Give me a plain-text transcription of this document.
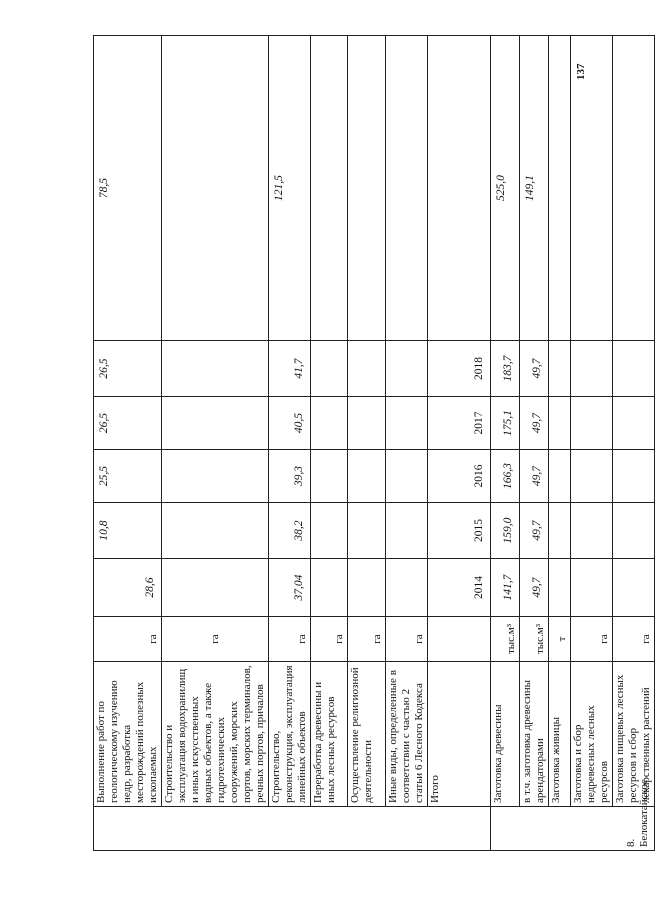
137
	Выполнение работ по геологическому изучению недр, разработка месторождений полезных ископаемых	га	28,6	10,8	25,5	26,5	26,5	78,5
	Строительство и эксплуатация водохранилищ и иных искусственных водных объектов, а также гидротехнических сооружений, морских портов, морских терминалов, речных портов, причалов	га						
	Строительство, реконструкция, эксплуатация линейных объектов	га	37,04	38,2	39,3	40,5	41,7	121,5
	Переработка древесины и иных лесных ресурсов	га						
	Осуществление религиозной деятельности	га						
	Иные виды, определенные в соответствии с частью 2 статьи 6 Лесного Кодекса	га						
	Итого		2014	2015	2016	2017	2018	
8. Белокатайское	Заготовка древесины	тыс.м³	141,7	159,0	166,3	175,1	183,7	525,0
	в т.ч. заготовка древесины арендаторами	тыс.м³	49,7	49,7	49,7	49,7	49,7	149,1
	Заготовка живицы	т						
	Заготовка и сбор недревесных лесных ресурсов	га						
	Заготовка пищевых лесных ресурсов и сбор лекарственных растений	га						
